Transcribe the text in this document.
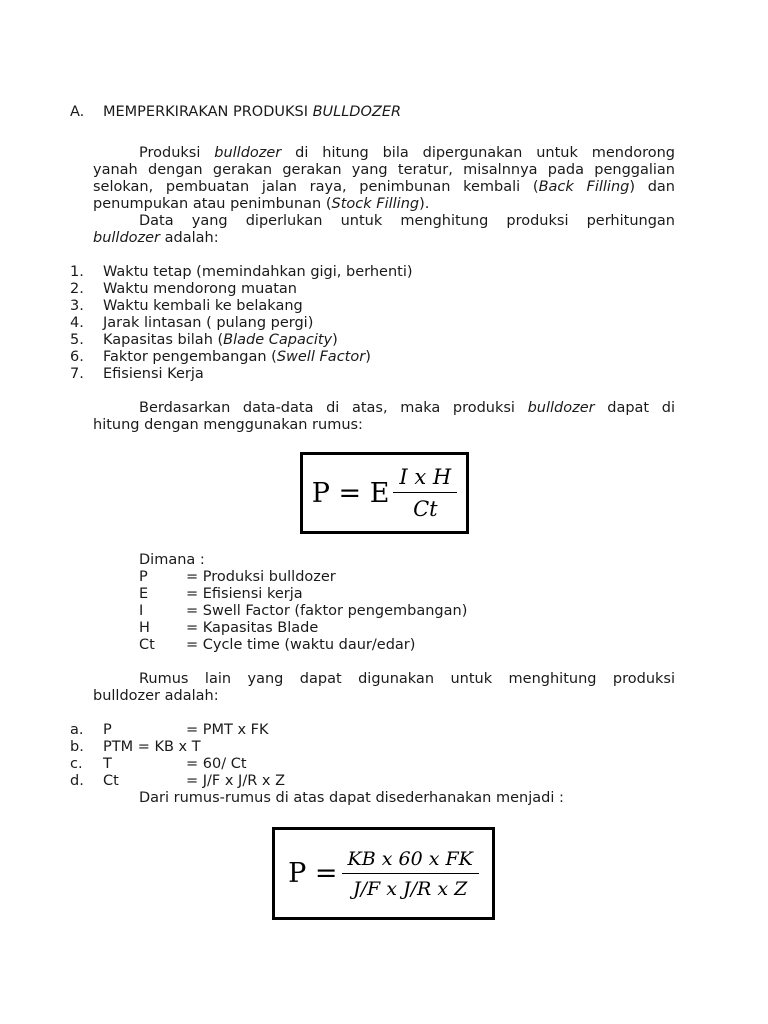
A. MEMPERKIRAKAN PRODUKSI BULLDOZER
Produksi bulldozer di hitung bila dipergunakan untuk mendorong
yanah dengan gerakan gerakan yang teratur, misalnnya pada penggalian
selokan, pembuatan jalan raya, penimbunan kembali (Back Filling) dan
penumpukan atau penimbunan (Stock Filling).
Data yang diperlukan untuk menghitung produksi perhitungan
bulldozer adalah:
1. Waktu tetap (memindahkan gigi, berhenti)
2. Waktu mendorong muatan
3. Waktu kembali ke belakang
4. Jarak lintasan ( pulang pergi)
5. Kapasitas bilah (Blade Capacity)
6. Faktor pengembangan (Swell Factor)
7. Efisiensi Kerja
Berdasarkan data-data di atas, maka produksi bulldozer dapat di
hitung dengan menggunakan rumus:
P = E $\frac{\text{I x H}}{Ct}$
Dimana :
P	= Produksi bulldozer
E	= Efisiensi kerja
I	= Swell Factor (faktor pengembangan)
H = Kapasitas Blade
Ct = Cycle time (waktu daur/edar)
Rumus lain yang dapat digunakan untuk menghitung produksi
bulldozer adalah:
a. P	= PMT x FK
b. PTM = KB x T
c. T	= 60/ Ct
d. Ct	= J/F x J/R x Z
Dari rumus-rumus di atas dapat disederhanakan menjadi :
$P = \frac{\text{KB x 60 x FK}}{\text{J/F x J/R x Z}}$
